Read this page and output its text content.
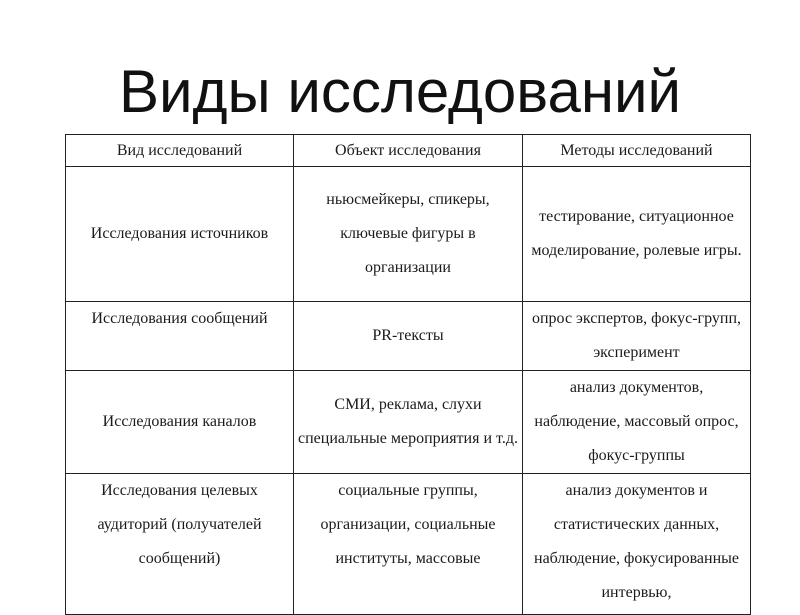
Виды исследований
Вид исследований	Объект исследования	Методы исследований
Исследования источников	ньюсмейкеры, спикеры, ключевые фигуры в организации	тестирование, ситуационное моделирование, ролевые игры.
Исследования сообщений	PR-тексты	опрос экспертов, фокус-групп, эксперимент
Исследования каналов	СМИ, реклама, слухи специальные мероприятия и т.д.	анализ документов, наблюдение, массовый опрос, фокус-группы
Исследования целевых аудиторий (получателей сообщений)	социальные группы, организации, социальные институты, массовые	анализ документов и статистических данных, наблюдение, фокусированные интервью,
